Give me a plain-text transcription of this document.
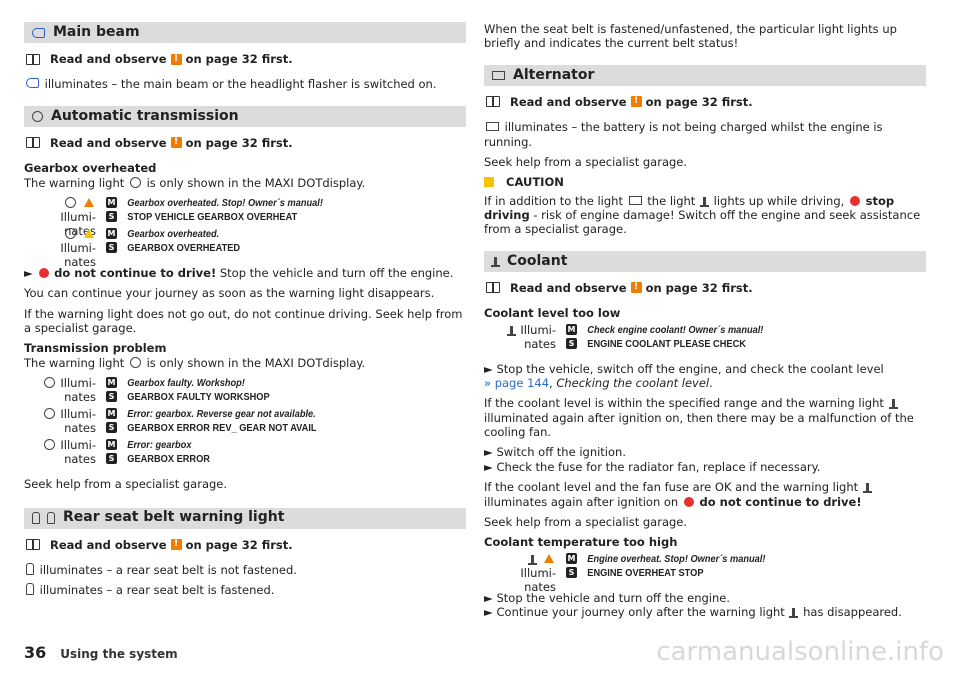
Main beam
Read and observe ! on page 32 first.

illuminates – the main beam or the headlight flasher is switched on.

Automatic transmission
Read and observe ! on page 32 first.

Gearbox overheated

The warning light is only shown in the MAXI DOTdisplay.

Illumi-nates
M
S
Gearbox overheated. Stop! Owner´s manual!
STOP VEHICLE GEARBOX OVERHEAT
Illumi-nates
M
S
Gearbox overheated.
GEARBOX OVERHEATED

►  do not continue to drive! Stop the vehicle and turn off the engine.

You can continue your journey as soon as the warning light disappears.

If the warning light does not go out, do not continue driving. Seek help from a specialist garage.

Transmission problem

The warning light is only shown in the MAXI DOTdisplay.

Illumi-nates
M
S
Gearbox faulty. Workshop!
GEARBOX FAULTY WORKSHOP
Illumi-nates
M
S
Error: gearbox. Reverse gear not available.
GEARBOX ERROR REV_ GEAR NOT AVAIL
Illumi-nates
M
S
Error: gearbox
GEARBOX ERROR

Seek help from a specialist garage.

Rear seat belt warning light
Read and observe ! on page 32 first.

illuminates – a rear seat belt is not fastened.

illuminates – a rear seat belt is fastened.

When the seat belt is fastened/unfastened, the particular light lights up briefly and indicates the current belt status!

Alternator
Read and observe ! on page 32 first.

illuminates – the battery is not being charged whilst the engine is running.

Seek help from a specialist garage.

CAUTION

If in addition to the light the light lights up while driving, stop driving - risk of engine damage! Switch off the engine and seek assistance from a specialist garage.

Coolant
Read and observe ! on page 32 first.

Coolant level too low

Illumi-nates
M
S
Check engine coolant! Owner´s manual!
ENGINE COOLANT PLEASE CHECK

► Stop the vehicle, switch off the engine, and check the coolant level
» page 144, Checking the coolant level.

If the coolant level is within the specified range and the warning light  illuminated again after ignition on, then there may be a malfunction of the cooling fan.

► Switch off the ignition.

► Check the fuse for the radiator fan, replace if necessary.

If the coolant level and the fan fuse are OK and the warning light  illuminates again after ignition on do not continue to drive!

Seek help from a specialist garage.

Coolant temperature too high

Illumi-nates
M
S
Engine overheat. Stop! Owner´s manual!
ENGINE OVERHEAT STOP

► Stop the vehicle and turn off the engine.

► Continue your journey only after the warning light has disappeared.

36 Using the system	carmanualsonline.info
